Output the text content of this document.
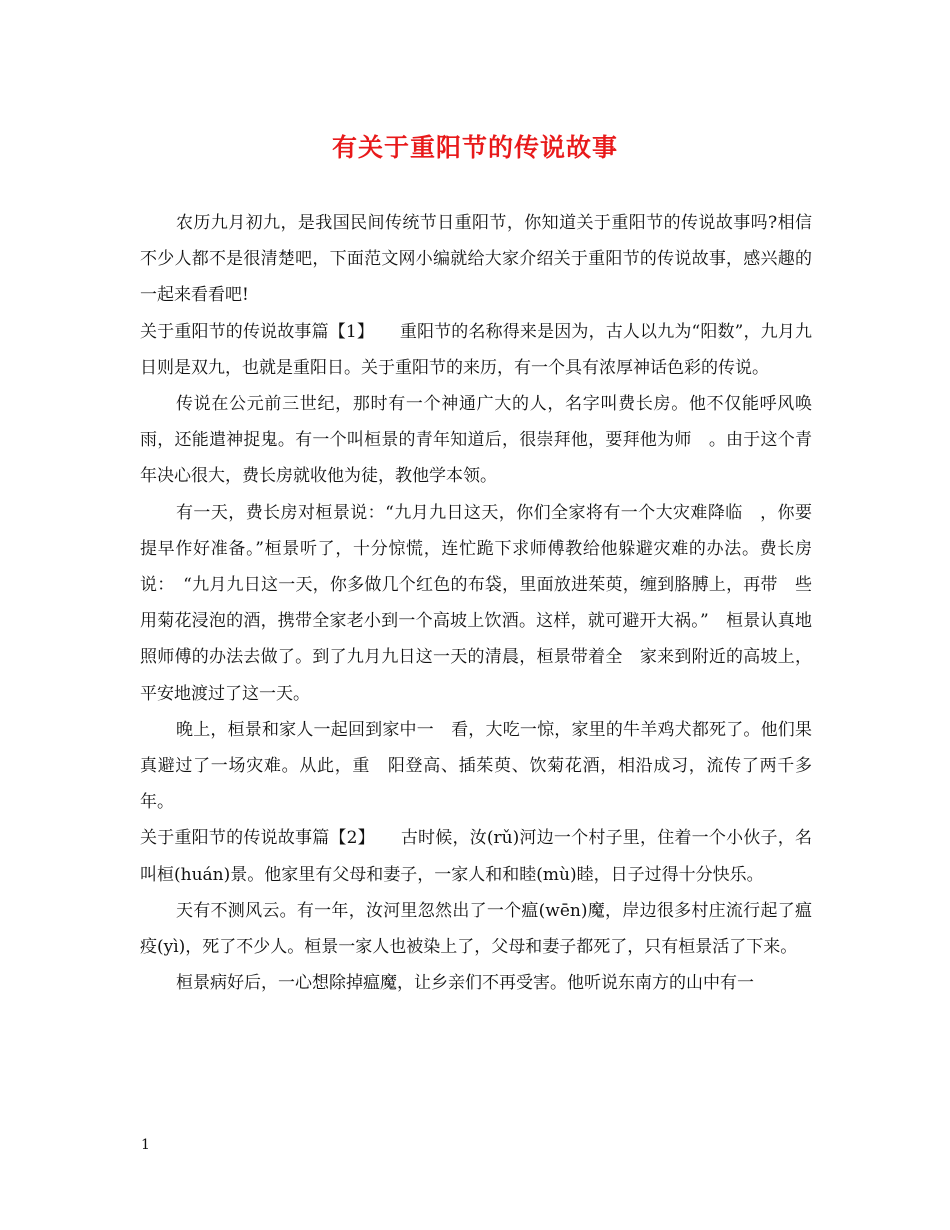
有关于重阳节的传说故事

农历九月初九，是我国民间传统节日重阳节，你知道关于重阳节的传说故事吗?相信不少人都不是很清楚吧，下面范文网小编就给大家介绍关于重阳节的传说故事，感兴趣的一起来看看吧!

关于重阳节的传说故事篇【1】　　重阳节的名称得来是因为，古人以九为“阳数”，九月九日则是双九，也就是重阳日。关于重阳节的来历，有一个具有浓厚神话色彩的传说。

传说在公元前三世纪，那时有一个神通广大的人，名字叫费长房。他不仅能呼风唤雨，还能遣神捉鬼。有一个叫桓景的青年知道后，很崇拜他，要拜他为师　。由于这个青年决心很大，费长房就收他为徒，教他学本领。

有一天，费长房对桓景说：“九月九日这天，你们全家将有一个大灾难降临　，你要提早作好准备。”桓景听了，十分惊慌，连忙跪下求师傅教给他躲避灾难的办法。费长房说：　“九月九日这一天，你多做几个红色的布袋，里面放进茱萸，缠到胳膊上，再带　些用菊花浸泡的酒，携带全家老小到一个高坡上饮酒。这样，就可避开大祸。”　桓景认真地照师傅的办法去做了。到了九月九日这一天的清晨，桓景带着全　家来到附近的高坡上，平安地渡过了这一天。

晚上，桓景和家人一起回到家中一　看，大吃一惊，家里的牛羊鸡犬都死了。他们果真避过了一场灾难。从此，重　阳登高、插茱萸、饮菊花酒，相沿成习，流传了两千多年。

关于重阳节的传说故事篇【2】　　古时候，汝(rǔ)河边一个村子里，住着一个小伙子，名叫桓(huán)景。他家里有父母和妻子，一家人和和睦(mù)睦，日子过得十分快乐。

天有不测风云。有一年，汝河里忽然出了一个瘟(wēn)魔，岸边很多村庄流行起了瘟疫(yì)，死了不少人。桓景一家人也被染上了，父母和妻子都死了，只有桓景活了下来。

桓景病好后，一心想除掉瘟魔，让乡亲们不再受害。他听说东南方的山中有一

1
